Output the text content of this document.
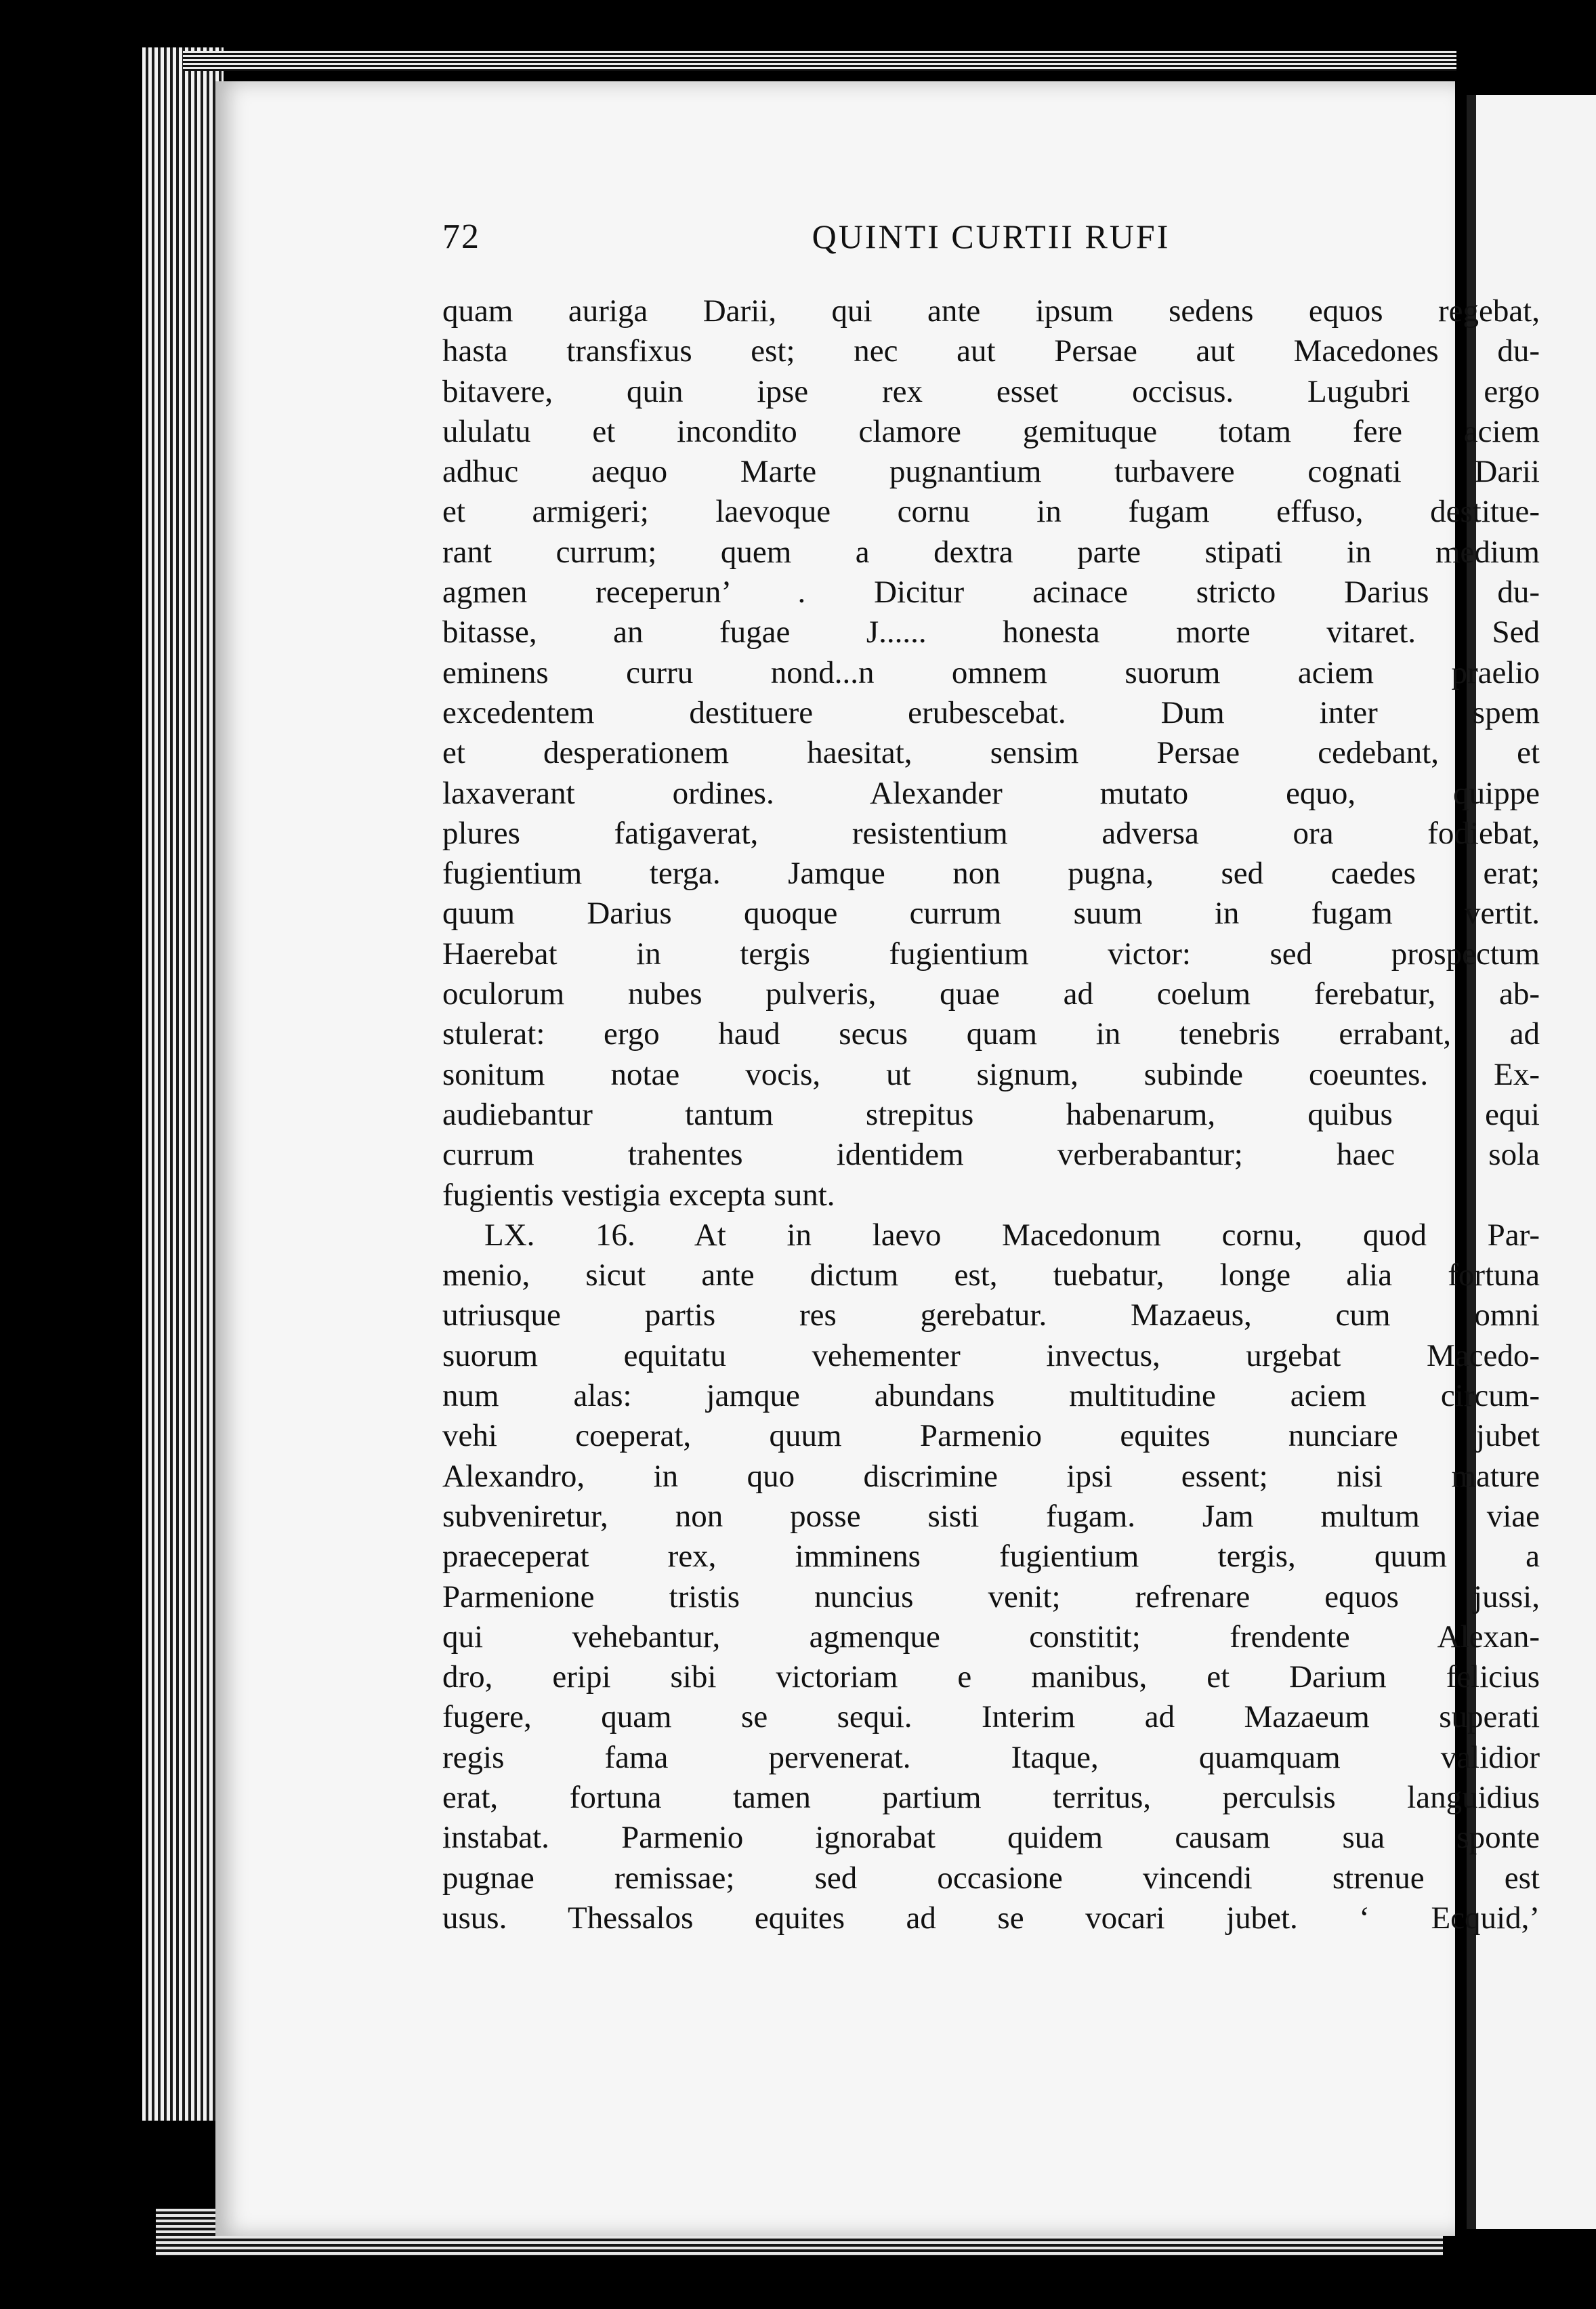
72	QUINTI CURTII RUFI
quam auriga Darii, qui ante ipsum sedens equos regebat,
hasta transfixus est; nec aut Persae aut Macedones du-
bitavere, quin ipse rex esset occisus. Lugubri ergo
ululatu et incondito clamore gemituque totam fere aciem
adhuc aequo Marte pugnantium turbavere cognati Darii
et armigeri; laevoque cornu in fugam effuso, destitue-
rant currum; quem a dextra parte stipati in medium
agmen receperun’ . Dicitur acinace stricto Darius du-
bitasse, an fugae J...... honesta morte vitaret. Sed
eminens curru nond...n omnem suorum aciem praelio
excedentem destituere erubescebat. Dum inter spem
et desperationem haesitat, sensim Persae cedebant, et
laxaverant ordines. Alexander mutato equo, quippe
plures fatigaverat, resistentium adversa ora fodiebat,
fugientium terga. Jamque non pugna, sed caedes erat;
quum Darius quoque currum suum in fugam vertit.
Haerebat in tergis fugientium victor: sed prospectum
oculorum nubes pulveris, quae ad coelum ferebatur, ab-
stulerat: ergo haud secus quam in tenebris errabant, ad
sonitum notae vocis, ut signum, subinde coeuntes. Ex-
audiebantur tantum strepitus habenarum, quibus equi
currum trahentes identidem verberabantur; haec sola
fugientis vestigia excepta sunt.
LX. 16. At in laevo Macedonum cornu, quod Par-
menio, sicut ante dictum est, tuebatur, longe alia fortuna
utriusque partis res gerebatur. Mazaeus, cum omni
suorum equitatu vehementer invectus, urgebat Macedo-
num alas: jamque abundans multitudine aciem circum-
vehi coeperat, quum Parmenio equites nunciare jubet
Alexandro, in quo discrimine ipsi essent; nisi mature
subveniretur, non posse sisti fugam. Jam multum viae
praeceperat rex, imminens fugientium tergis, quum a
Parmenione tristis nuncius venit; refrenare equos jussi,
qui vehebantur, agmenque constitit; frendente Alexan-
dro, eripi sibi victoriam e manibus, et Darium felicius
fugere, quam se sequi. Interim ad Mazaeum superati
regis fama pervenerat. Itaque, quamquam validior
erat, fortuna tamen partium territus, perculsis languidius
instabat. Parmenio ignorabat quidem causam sua sponte
pugnae remissae; sed occasione vincendi strenue est
usus. Thessalos equites ad se vocari jubet. ‘ Ecquid,’
